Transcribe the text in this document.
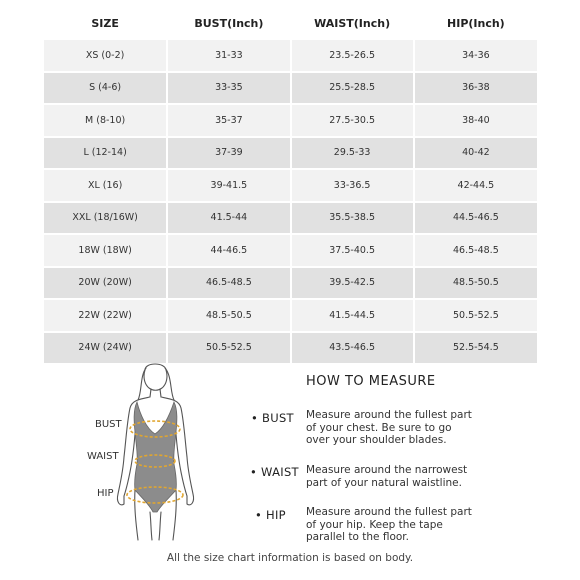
SIZE	BUST(Inch)	WAIST(Inch)	HIP(Inch)
XS (0-2)	31-33	23.5-26.5	34-36
S (4-6)	33-35	25.5-28.5	36-38
M (8-10)	35-37	27.5-30.5	38-40
L (12-14)	37-39	29.5-33	40-42
XL (16)	39-41.5	33-36.5	42-44.5
XXL (18/16W)	41.5-44	35.5-38.5	44.5-46.5
18W (18W)	44-46.5	37.5-40.5	46.5-48.5
20W (20W)	46.5-48.5	39.5-42.5	48.5-50.5
22W (22W)	48.5-50.5	41.5-44.5	50.5-52.5
24W (24W)	50.5-52.5	43.5-46.5	52.5-54.5
BUST
WAIST
HIP
HOW TO MEASURE
• BUST Measure around the fullest part
of your chest. Be sure to go
over your shoulder blades.
• WAIST Measure around the narrowest
part of your natural waistline.
• HIP Measure around the fullest part
of your hip. Keep the tape
parallel to the floor.
All the size chart information is based on body.
